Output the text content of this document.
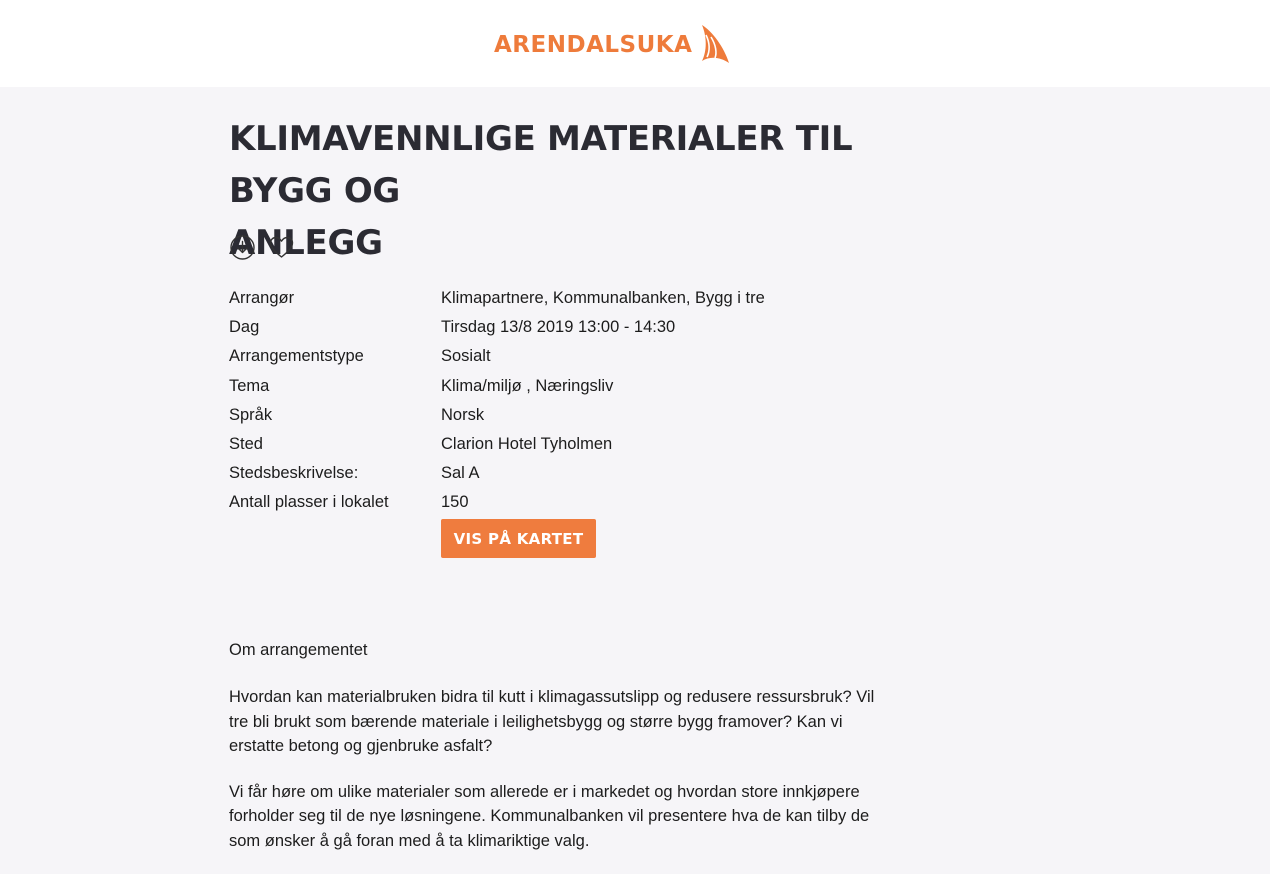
ARENDALSUKA
KLIMAVENNLIGE MATERIALER TIL BYGG OG
ANLEGG
Arrangør	Klimapartnere, Kommunalbanken, Bygg i tre
Dag	Tirsdag 13/8 2019 13:00 - 14:30
Arrangementstype	Sosialt
Tema	Klima/miljø , Næringsliv
Språk	Norsk
Sted	Clarion Hotel Tyholmen
Stedsbeskrivelse:	Sal A
Antall plasser i lokalet	150
VIS PÅ KARTET
Om arrangementet

Hvordan kan materialbruken bidra til kutt i klimagassutslipp og redusere ressursbruk? Vil
tre bli brukt som bærende materiale i leilighetsbygg og større bygg framover? Kan vi
erstatte betong og gjenbruke asfalt?

Vi får høre om ulike materialer som allerede er i markedet og hvordan store innkjøpere
forholder seg til de nye løsningene. Kommunalbanken vil presentere hva de kan tilby de
som ønsker å gå foran med å ta klimariktige valg.
